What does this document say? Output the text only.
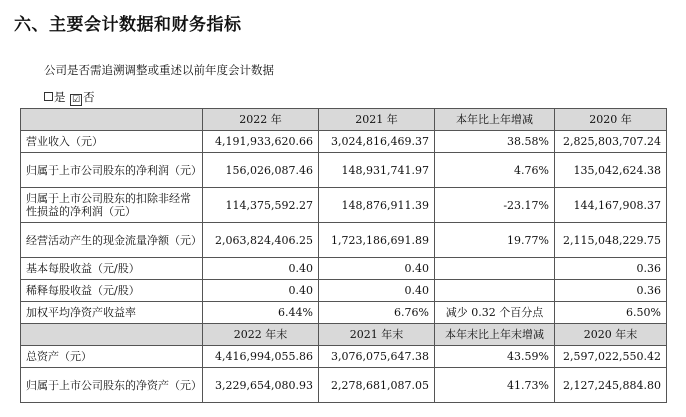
六、主要会计数据和财务指标
公司是否需追溯调整或重述以前年度会计数据
是 ☑ 否
	2022 年	2021 年	本年比上年增减	2020 年
营业收入（元）	4,191,933,620.66	3,024,816,469.37	38.58%	2,825,803,707.24
归属于上市公司股东的净利润（元）	156,026,087.46	148,931,741.97	4.76%	135,042,624.38
归属于上市公司股东的扣除非经常性损益的净利润（元）	114,375,592.27	148,876,911.39	-23.17%	144,167,908.37
经营活动产生的现金流量净额（元）	2,063,824,406.25	1,723,186,691.89	19.77%	2,115,048,229.75
基本每股收益（元/股）	0.40	0.40		0.36
稀释每股收益（元/股）	0.40	0.40		0.36
加权平均净资产收益率	6.44%	6.76%	减少 0.32 个百分点	6.50%
	2022 年末	2021 年末	本年末比上年末增减	2020 年末
总资产（元）	4,416,994,055.86	3,076,075,647.38	43.59%	2,597,022,550.42
归属于上市公司股东的净资产（元）	3,229,654,080.93	2,278,681,087.05	41.73%	2,127,245,884.80
